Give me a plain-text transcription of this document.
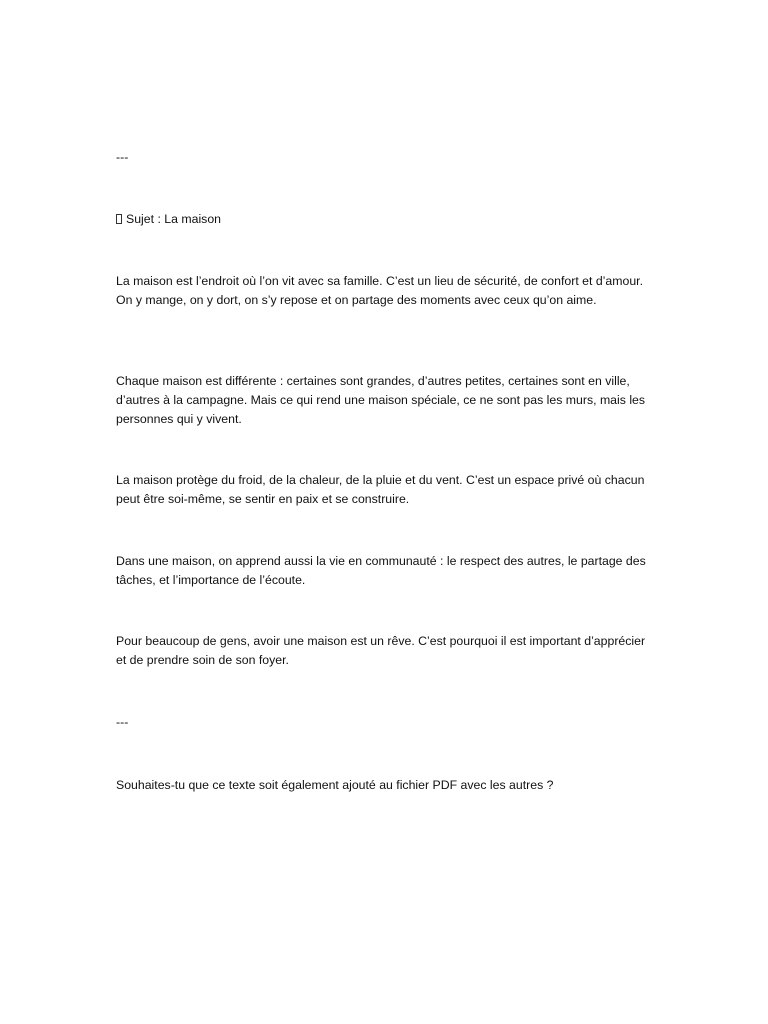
---

Sujet : La maison

La maison est l’endroit où l’on vit avec sa famille. C’est un lieu de sécurité, de confort et d’amour. On y mange, on y dort, on s’y repose et on partage des moments avec ceux qu’on aime.

Chaque maison est différente : certaines sont grandes, d’autres petites, certaines sont en ville, d’autres à la campagne. Mais ce qui rend une maison spéciale, ce ne sont pas les murs, mais les personnes qui y vivent.

La maison protège du froid, de la chaleur, de la pluie et du vent. C’est un espace privé où chacun peut être soi-même, se sentir en paix et se construire.

Dans une maison, on apprend aussi la vie en communauté : le respect des autres, le partage des tâches, et l’importance de l’écoute.

Pour beaucoup de gens, avoir une maison est un rêve. C’est pourquoi il est important d’apprécier et de prendre soin de son foyer.

---

Souhaites-tu que ce texte soit également ajouté au fichier PDF avec les autres ?
